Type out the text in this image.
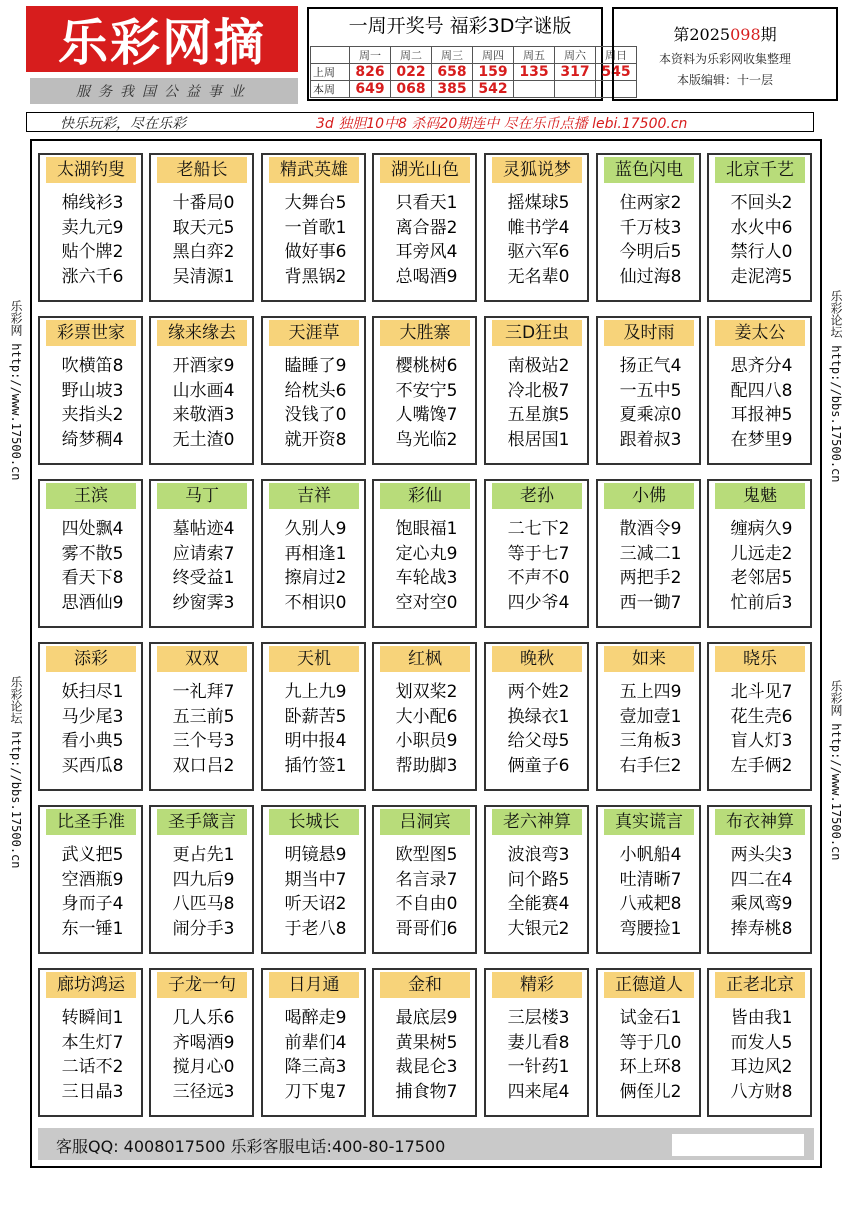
乐彩网摘
服务我国公益事业
一周开奖号 福彩3D字谜版
	周一	周二	周三	周四	周五	周六	周日
上周	826	022	658	159	135	317	545
本周	649	068	385	542			
第2025098期
本资料为乐彩网收集整理
本版编辑：十一层
快乐玩彩，尽在乐彩	3d 独胆10中8 杀码20期连中 尽在乐币点播 lebi.17500.cn
乐彩网 http://www.17500.cn
乐彩论坛 http://bbs.17500.cn
乐彩论坛 http://bbs.17500.cn
乐彩网 http://www.17500.cn
太湖钓叟
棉线衫3
卖九元9
贴个牌2
涨六千6
老船长
十番局0
取天元5
黑白弈2
吴清源1
精武英雄
大舞台5
一首歌1
做好事6
背黑锅2
湖光山色
只看天1
离合器2
耳旁风4
总喝酒9
灵狐说梦
摇煤球5
帷书学4
驱六军6
无名辈0
蓝色闪电
住两家2
千万枝3
今明后5
仙过海8
北京千艺
不回头2
水火中6
禁行人0
走泥湾5
彩票世家
吹横笛8
野山坡3
夹指头2
绮梦稠4
缘来缘去
开酒家9
山水画4
来敬酒3
无土渣0
天涯草
瞌睡了9
给枕头6
没钱了0
就开资8
大胜寨
樱桃树6
不安宁5
人嘴馋7
鸟光临2
三D狂虫
南极站2
冷北极7
五星旗5
根居国1
及时雨
扬正气4
一五中5
夏乘凉0
跟着叔3
姜太公
思齐分4
配四八8
耳报神5
在梦里9
王滨
四处飘4
雾不散5
看天下8
思酒仙9
马丁
墓帖迹4
应请索7
终受益1
纱窗霁3
吉祥
久别人9
再相逢1
擦肩过2
不相识0
彩仙
饱眼福1
定心丸9
车轮战3
空对空0
老孙
二七下2
等于七7
不声不0
四少爷4
小佛
散酒令9
三减二1
两把手2
西一锄7
鬼魅
缠病久9
儿远走2
老邻居5
忙前后3
添彩
妖扫尽1
马少尾3
看小典5
买西瓜8
双双
一礼拜7
五三前5
三个号3
双口吕2
天机
九上九9
卧薪苦5
明中报4
插竹签1
红枫
划双桨2
大小配6
小职员9
帮助脚3
晚秋
两个姓2
换绿衣1
给父母5
俩童子6
如来
五上四9
壹加壹1
三角板3
右手仨2
晓乐
北斗见7
花生壳6
盲人灯3
左手俩2
比圣手准
武义把5
空酒瓶9
身而子4
东一锤1
圣手箴言
更占先1
四九后9
八匹马8
闹分手3
长城长
明镜悬9
期当中7
听天诏2
于老八8
吕洞宾
欧型图5
名言录7
不自由0
哥哥们6
老六神算
波浪弯3
问个路5
全能赛4
大银元2
真实谎言
小帆船4
吐清晰7
八戒耙8
弯腰捡1
布衣神算
两头尖3
四二在4
乘凤鸾9
捧寿桃8
廊坊鸿运
转瞬间1
本生灯7
二话不2
三日晶3
子龙一句
几人乐6
齐喝酒9
搅月心0
三径远3
日月通
喝醉走9
前辈们4
降三高3
刀下鬼7
金和
最底层9
黄果树5
裁昆仑3
捕食物7
精彩
三层楼3
妻儿看8
一针药1
四来尾4
正德道人
试金石1
等于几0
环上环8
俩侄儿2
正老北京
皆由我1
而发人5
耳边风2
八方财8
客服QQ: 4008017500 乐彩客服电话:400-80-17500
